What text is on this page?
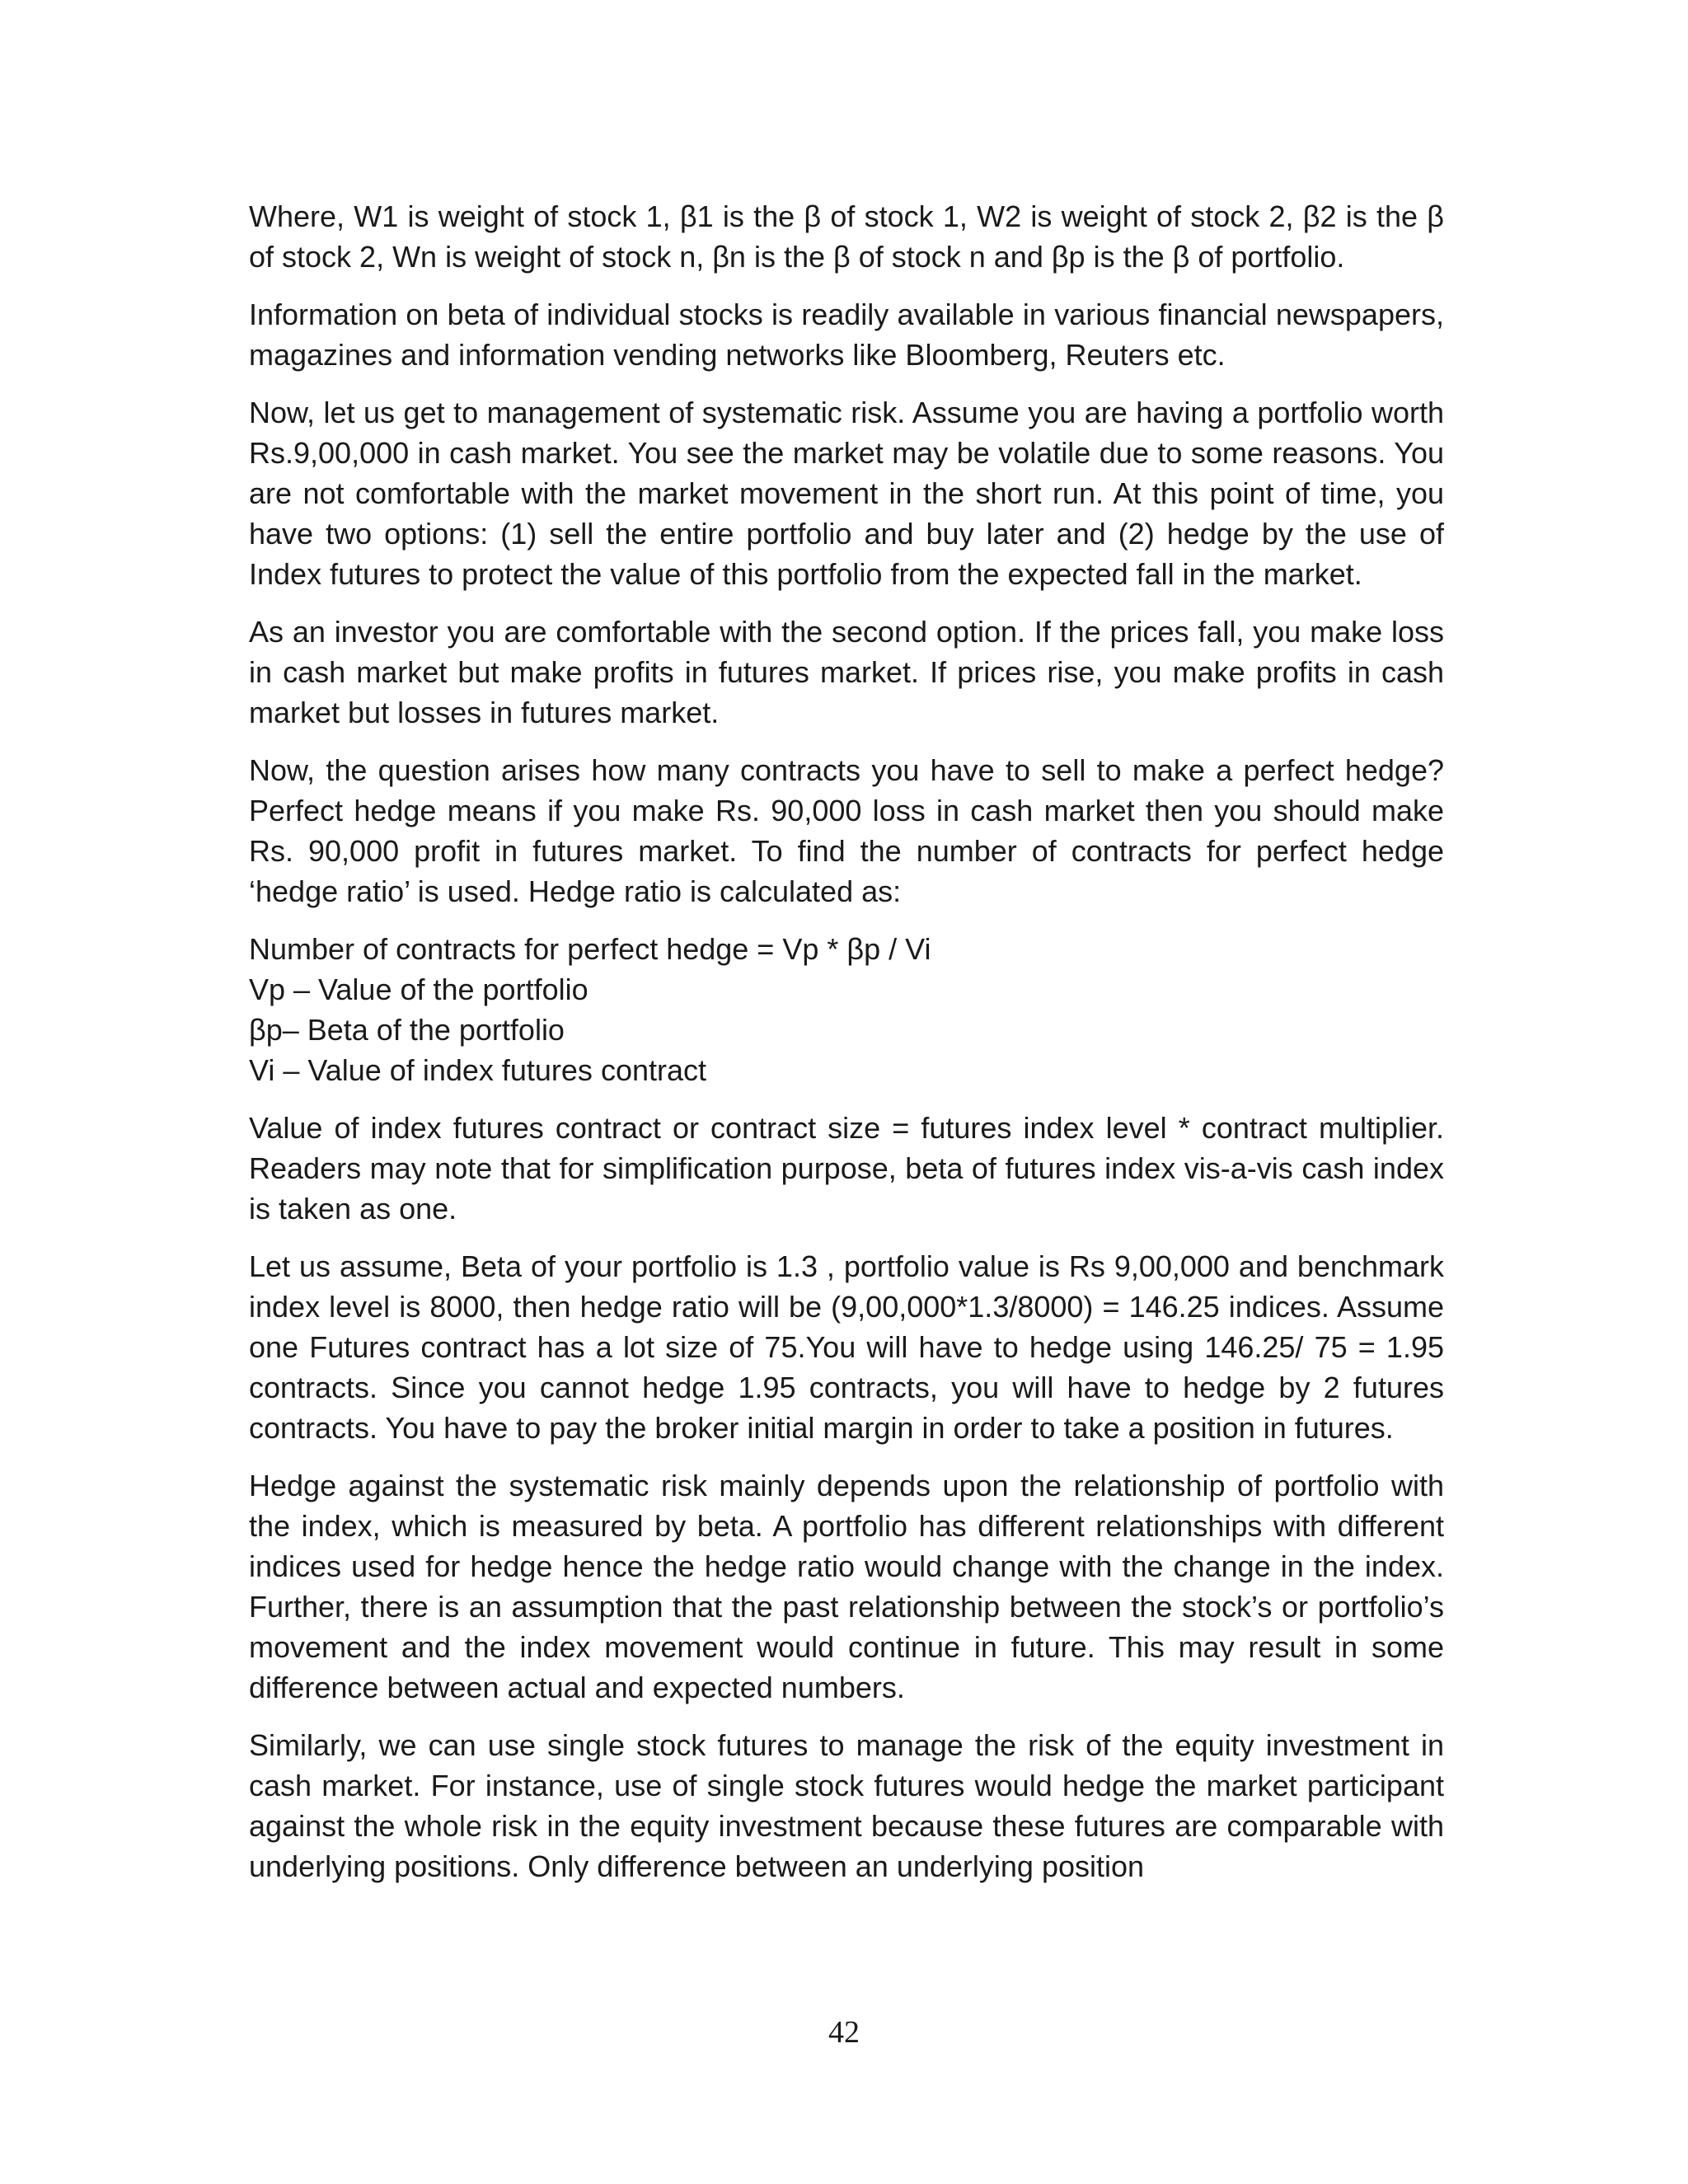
Where, W1 is weight of stock 1, β1 is the β of stock 1, W2 is weight of stock 2, β2 is the β of stock 2, Wn is weight of stock n, βn is the β of stock n and βp is the β of portfolio.

Information on beta of individual stocks is readily available in various financial newspapers, magazines and information vending networks like Bloomberg, Reuters etc.

Now, let us get to management of systematic risk. Assume you are having a portfolio worth Rs.9,00,000 in cash market. You see the market may be volatile due to some reasons. You are not comfortable with the market movement in the short run. At this point of time, you have two options: (1) sell the entire portfolio and buy later and (2) hedge by the use of Index futures to protect the value of this portfolio from the expected fall in the market.

As an investor you are comfortable with the second option. If the prices fall, you make loss in cash market but make profits in futures market. If prices rise, you make profits in cash market but losses in futures market.

Now, the question arises how many contracts you have to sell to make a perfect hedge? Perfect hedge means if you make Rs. 90,000 loss in cash market then you should make Rs. 90,000 profit in futures market. To find the number of contracts for perfect hedge ‘hedge ratio’ is used. Hedge ratio is calculated as:

Number of contracts for perfect hedge = Vp * βp / Vi
Vp – Value of the portfolio
βp– Beta of the portfolio
Vi – Value of index futures contract

Value of index futures contract or contract size = futures index level * contract multiplier. Readers may note that for simplification purpose, beta of futures index vis-a-vis cash index is taken as one.

Let us assume, Beta of your portfolio is 1.3 , portfolio value is Rs 9,00,000 and benchmark index level is 8000, then hedge ratio will be (9,00,000*1.3/8000) = 146.25 indices. Assume one Futures contract has a lot size of 75.You will have to hedge using 146.25/ 75 = 1.95 contracts. Since you cannot hedge 1.95 contracts, you will have to hedge by 2 futures contracts. You have to pay the broker initial margin in order to take a position in futures.

Hedge against the systematic risk mainly depends upon the relationship of portfolio with the index, which is measured by beta. A portfolio has different relationships with different indices used for hedge hence the hedge ratio would change with the change in the index. Further, there is an assumption that the past relationship between the stock’s or portfolio’s movement and the index movement would continue in future. This may result in some difference between actual and expected numbers.

Similarly, we can use single stock futures to manage the risk of the equity investment in cash market. For instance, use of single stock futures would hedge the market participant against the whole risk in the equity investment because these futures are comparable with underlying positions. Only difference between an underlying position

42
